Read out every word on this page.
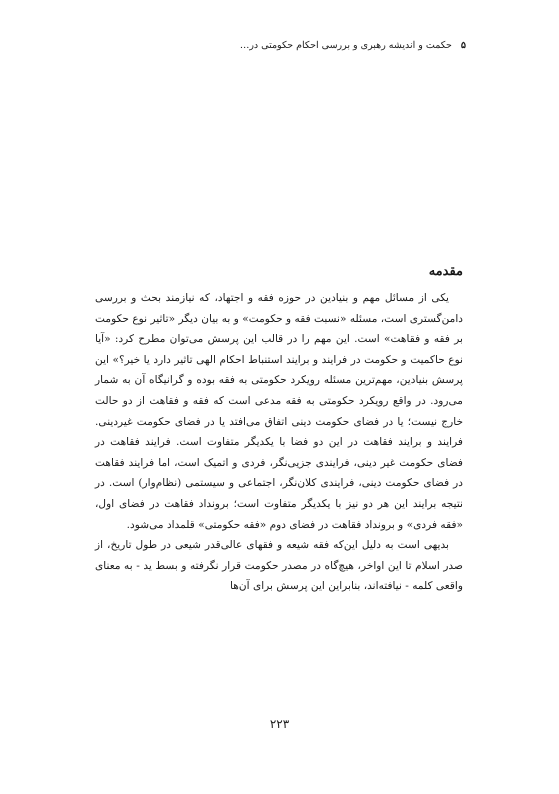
۵ حکمت و اندیشه رهبری و بررسی احکام حکومتی در…
مقدمه

یکی از مسائل مهم و بنیادین در حوزه فقه و اجتهاد، که نیازمند بحث و بررسی دامن‌گستری است، مسئله «نسبت فقه و حکومت» و به بیان دیگر «تاثیر نوع حکومت بر فقه و فقاهت» است. این مهم را در قالب این پرسش می‌توان مطرح کرد: «آیا نوع حاکمیت و حکومت در فرایند و برایند استنباط احکام الهی تاثیر دارد یا خیر؟» این پرسش بنیادین، مهم‌ترین مسئله رویکرد حکومتی به فقه بوده و گرانیگاه آن به شمار می‌رود. در واقع رویکرد حکومتی به فقه مدعی است که فقه و فقاهت از دو حالت خارج نیست؛ یا در فضای حکومت دینی اتفاق می‌افتد یا در فضای حکومت غیردینی. فرایند و برایند فقاهت در این دو فضا با یکدیگر متفاوت است. فرایند فقاهت در فضای حکومت غیر دینی، فرایندی جزیی‌نگر، فردی و اتمیک است، اما فرایند فقاهت در فضای حکومت دینی، فرایندی کلان‌نگر، اجتماعی و سیستمی (نظام‌وار) است. در نتیجه برایند این هر دو نیز با یکدیگر متفاوت است؛ برونداد فقاهت در فضای اول، «فقه فردی» و برونداد فقاهت در فضای دوم «فقه حکومتی» قلمداد می‌شود.

بدیهی است به دلیل این‌که فقه شیعه و فقهای عالی‌قدر شیعی در طول تاریخ، از صدر اسلام تا این اواخر، هیچ‌گاه در مصدر حکومت قرار نگرفته و بسط ید - به معنای واقعی کلمه - نیافته‌اند، بنابراین این پرسش برای آن‌ها

۲۲۳
